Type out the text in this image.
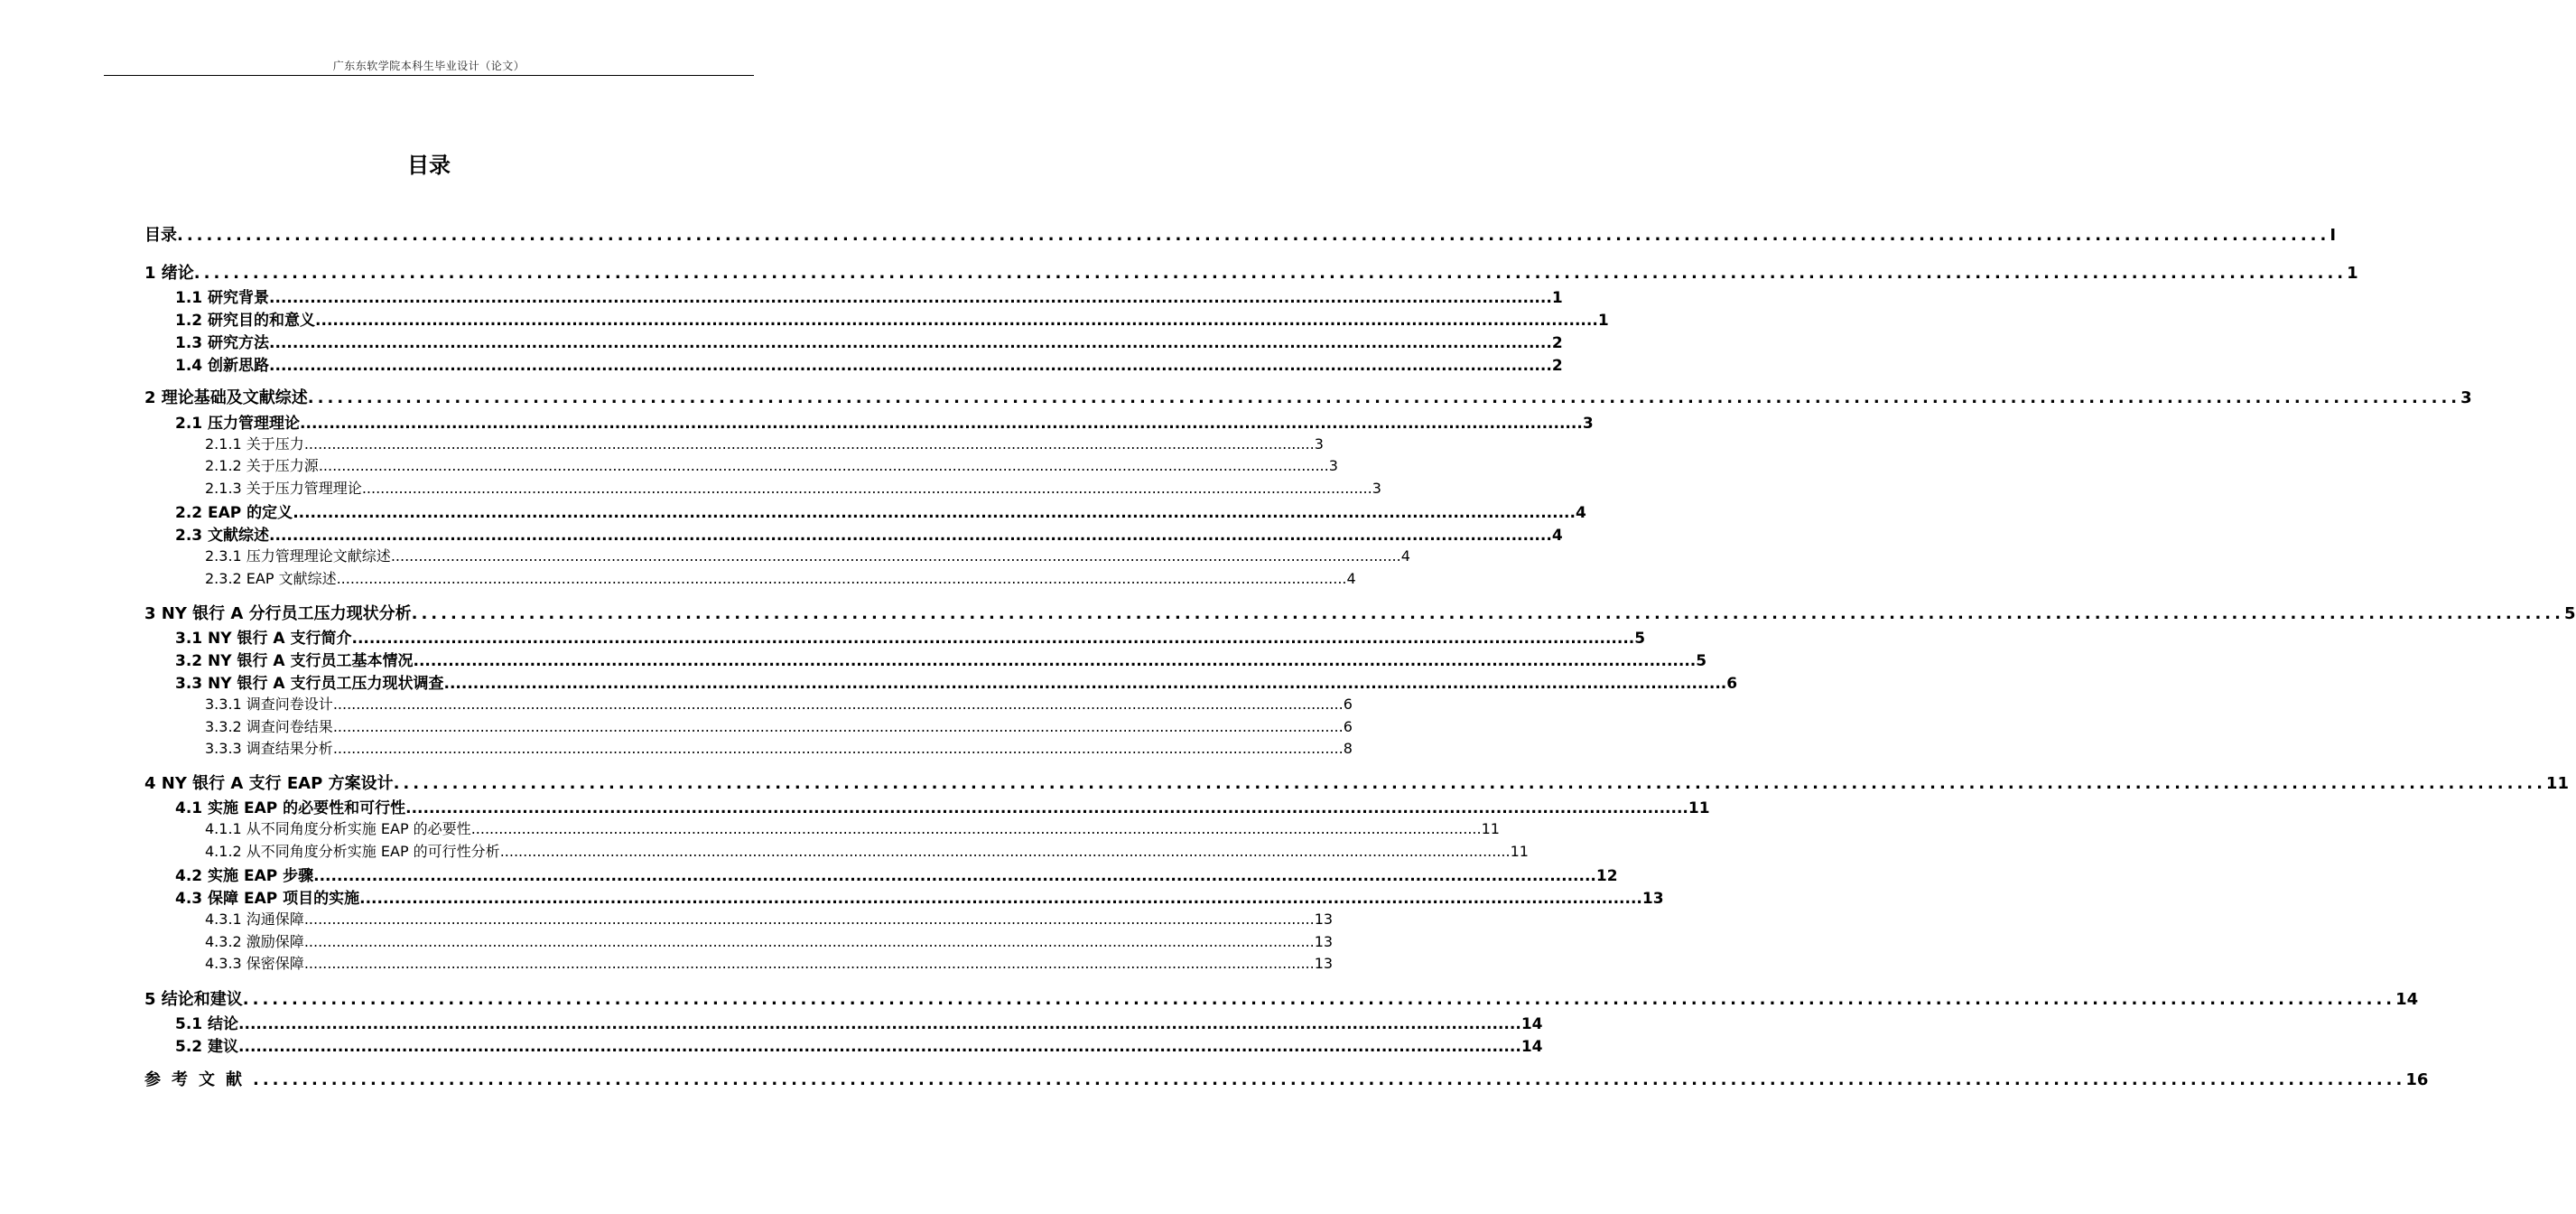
广东东软学院本科生毕业设计（论文）
目录
目录 ............................................................................................................................................................................................................................ I
1 绪论 ............................................................................................................................................................................................................................ 1
1.1 研究背景 ............................................................................................................................................................................................................................ 1
1.2 研究目的和意义 ............................................................................................................................................................................................................................ 1
1.3 研究方法 ............................................................................................................................................................................................................................ 2
1.4 创新思路 ............................................................................................................................................................................................................................ 2
2 理论基础及文献综述 ............................................................................................................................................................................................................................ 3
2.1 压力管理理论 ............................................................................................................................................................................................................................ 3
2.1.1 关于压力 ............................................................................................................................................................................................................................ 3
2.1.2 关于压力源 ............................................................................................................................................................................................................................ 3
2.1.3 关于压力管理理论 ............................................................................................................................................................................................................................ 3
2.2 EAP 的定义 ............................................................................................................................................................................................................................ 4
2.3 文献综述 ............................................................................................................................................................................................................................ 4
2.3.1 压力管理理论文献综述 ............................................................................................................................................................................................................................ 4
2.3.2 EAP 文献综述 ............................................................................................................................................................................................................................ 4
3 NY 银行 A 分行员工压力现状分析 ............................................................................................................................................................................................................................ 5
3.1 NY 银行 A 支行简介 ............................................................................................................................................................................................................................ 5
3.2 NY 银行 A 支行员工基本情况 ............................................................................................................................................................................................................................ 5
3.3 NY 银行 A 支行员工压力现状调查 ............................................................................................................................................................................................................................ 6
3.3.1 调查问卷设计 ............................................................................................................................................................................................................................ 6
3.3.2 调查问卷结果 ............................................................................................................................................................................................................................ 6
3.3.3 调查结果分析 ............................................................................................................................................................................................................................ 8
4 NY 银行 A 支行 EAP 方案设计 ............................................................................................................................................................................................................................ 11
4.1 实施 EAP 的必要性和可行性 ............................................................................................................................................................................................................................ 11
4.1.1 从不同角度分析实施 EAP 的必要性 ............................................................................................................................................................................................................................ 11
4.1.2 从不同角度分析实施 EAP 的可行性分析 ............................................................................................................................................................................................................................ 11
4.2 实施 EAP 步骤 ............................................................................................................................................................................................................................ 12
4.3 保障 EAP 项目的实施 ............................................................................................................................................................................................................................ 13
4.3.1 沟通保障 ............................................................................................................................................................................................................................ 13
4.3.2 激励保障 ............................................................................................................................................................................................................................ 13
4.3.3 保密保障 ............................................................................................................................................................................................................................ 13
5 结论和建议 ............................................................................................................................................................................................................................ 14
5.1 结论 ............................................................................................................................................................................................................................ 14
5.2 建议 ............................................................................................................................................................................................................................ 14
参考文献 ............................................................................................................................................................................................................................ 16
